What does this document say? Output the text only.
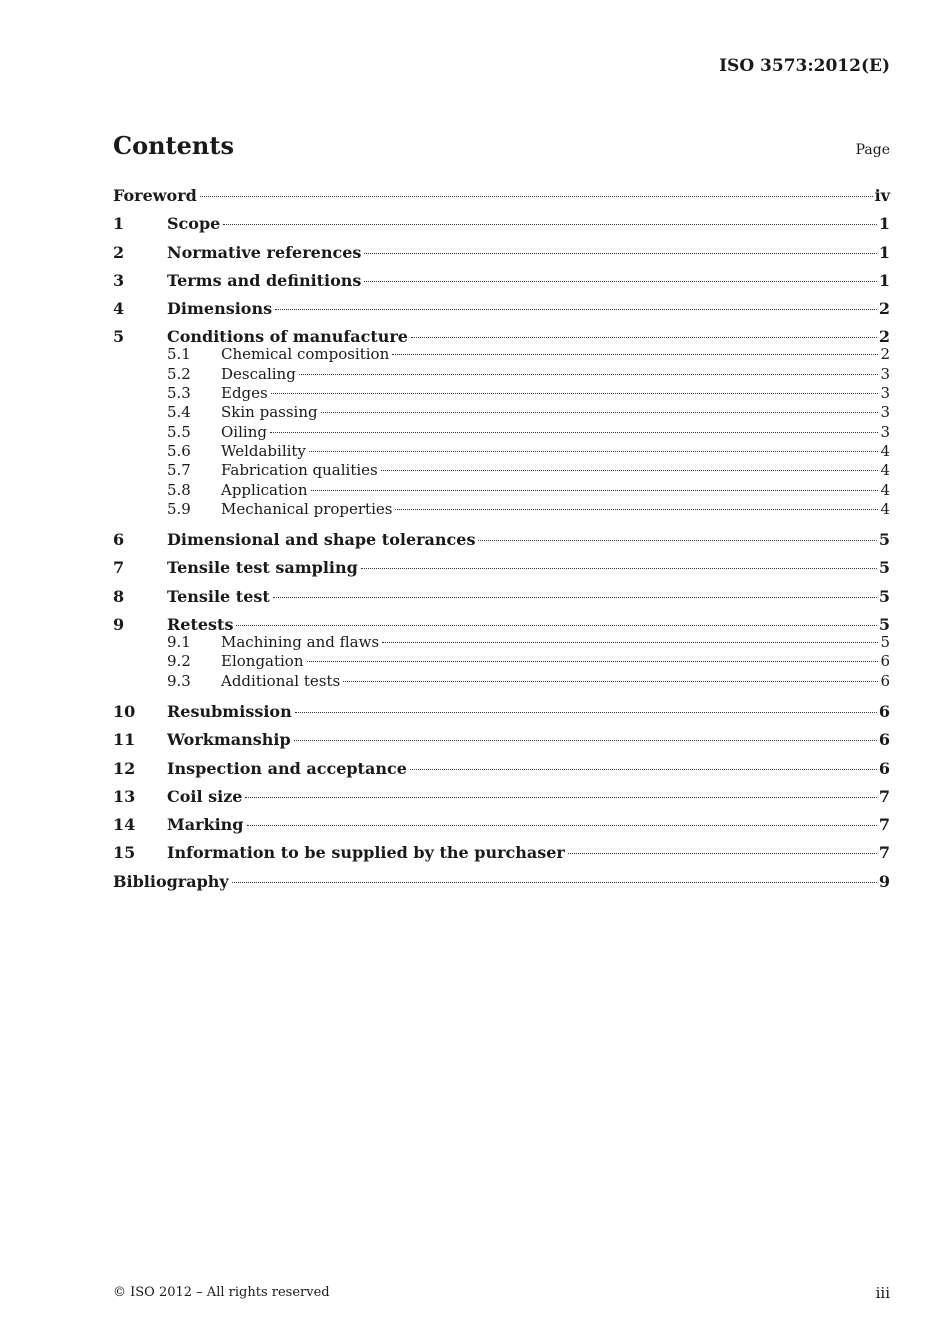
ISO 3573:2012(E)
Contents	Page
Foreword	iv
1	Scope	1
2	Normative references	1
3	Terms and definitions	1
4	Dimensions	2
5	Conditions of manufacture	2
5.1	Chemical composition	2
5.2	Descaling	3
5.3	Edges	3
5.4	Skin passing	3
5.5	Oiling	3
5.6	Weldability	4
5.7	Fabrication qualities	4
5.8	Application	4
5.9	Mechanical properties	4
6	Dimensional and shape tolerances	5
7	Tensile test sampling	5
8	Tensile test	5
9	Retests	5
9.1	Machining and flaws	5
9.2	Elongation	6
9.3	Additional tests	6
10	Resubmission	6
11	Workmanship	6
12	Inspection and acceptance	6
13	Coil size	7
14	Marking	7
15	Information to be supplied by the purchaser	7
Bibliography	9
© ISO 2012 – All rights reserved	iii
